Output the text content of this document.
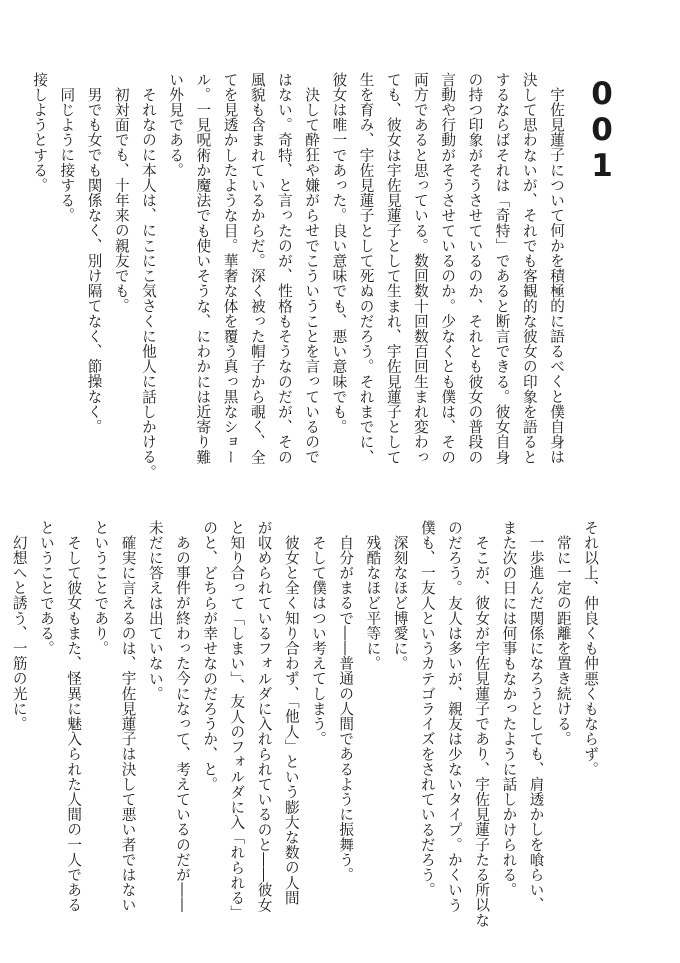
001

宇佐見蓮子について何かを積極的に語るべくと僕自身は

決して思わないが、それでも客観的な彼女の印象を語ると

するならばそれは「奇特」であると断言できる。彼女自身

の持つ印象がそうさせているのか、それとも彼女の普段の

言動や行動がそうさせているのか。少なくとも僕は、その

両方であると思っている。数回数十回数百回生まれ変わっ

ても、彼女は宇佐見蓮子として生まれ、宇佐見蓮子として

生を育み、宇佐見蓮子として死ぬのだろう。それまでに、

彼女は唯一であった。良い意味でも、悪い意味でも。

決して酔狂や嫌がらせでこういうことを言っているので

はない。奇特、と言ったのが、性格もそうなのだが、その

風貌も含まれているからだ。深く被った帽子から覗く、全

てを見透かしたような目。華奢な体を覆う真っ黒なショー

ル。一見呪術か魔法でも使いそうな、にわかには近寄り難

い外見である。

それなのに本人は、にこにこ気さくに他人に話しかける。

初対面でも、十年来の親友でも。

男でも女でも関係なく、別け隔てなく、節操なく。

同じように接する。

接しようとする。

それ以上、仲良くも仲悪くもならず。

常に一定の距離を置き続ける。

一歩進んだ関係になろうとしても、肩透かしを喰らい、

また次の日には何事もなかったように話しかけられる。

そこが、彼女が宇佐見蓮子であり、宇佐見蓮子たる所以な

のだろう。友人は多いが、親友は少ないタイプ。かくいう

僕も、一友人というカテゴライズをされているだろう。

深刻なほど博愛に。

残酷なほど平等に。

自分がまるで――普通の人間であるように振舞う。

そして僕はつい考えてしまう。

彼女と全く知り合わず、「他人」という膨大な数の人間

が収められているフォルダに入れられているのと――彼女

と知り合って「しまい」、友人のフォルダに入「れられる」

のと、どちらが幸せなのだろうか、と。

あの事件が終わった今になって、考えているのだが――

未だに答えは出ていない。

確実に言えるのは、宇佐見蓮子は決して悪い者ではない

ということであり。

そして彼女もまた、怪異に魅入られた人間の一人である

ということである。

幻想へと誘う、一筋の光に。
